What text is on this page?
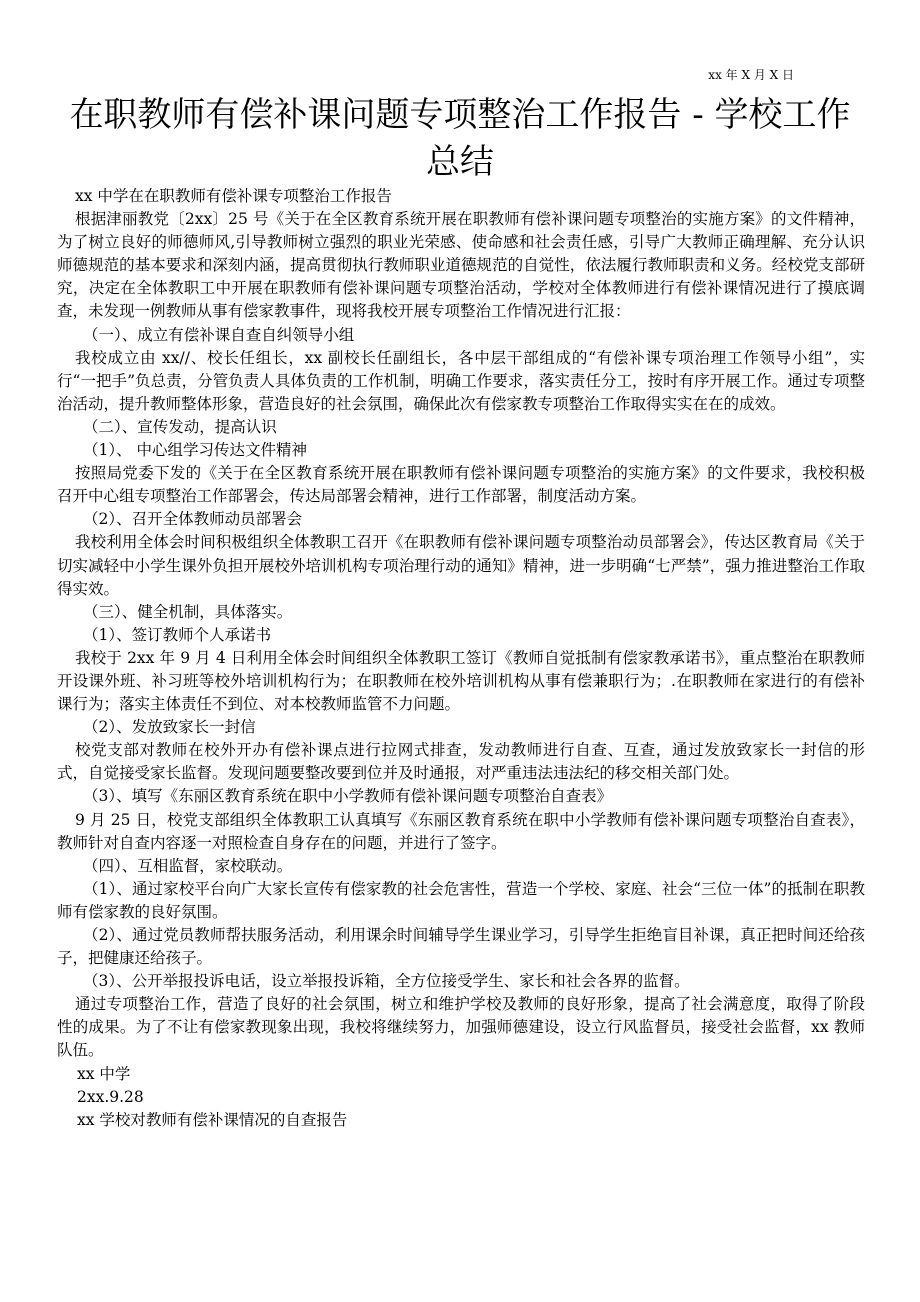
xx 年 X 月 X 日
在职教师有偿补课问题专项整治工作报告 - 学校工作总结

xx 中学在在职教师有偿补课专项整治工作报告

根据津丽教党〔2xx〕25 号《关于在全区教育系统开展在职教师有偿补课问题专项整治的实施方案》的文件精神，为了树立良好的师德师风,引导教师树立强烈的职业光荣感、使命感和社会责任感，引导广大教师正确理解、充分认识师德规范的基本要求和深刻内涵，提高贯彻执行教师职业道德规范的自觉性，依法履行教师职责和义务。经校党支部研究，决定在全体教职工中开展在职教师有偿补课问题专项整治活动，学校对全体教师进行有偿补课情况进行了摸底调查，未发现一例教师从事有偿家教事件，现将我校开展专项整治工作情况进行汇报：

（一）、成立有偿补课自查自纠领导小组

我校成立由 xx//、校长任组长，xx 副校长任副组长，各中层干部组成的“有偿补课专项治理工作领导小组”，实行“一把手”负总责，分管负责人具体负责的工作机制，明确工作要求，落实责任分工，按时有序开展工作。通过专项整治活动，提升教师整体形象，营造良好的社会氛围，确保此次有偿家教专项整治工作取得实实在在的成效。

（二）、宣传发动，提高认识

（1）、 中心组学习传达文件精神

按照局党委下发的《关于在全区教育系统开展在职教师有偿补课问题专项整治的实施方案》的文件要求，我校积极召开中心组专项整治工作部署会，传达局部署会精神，进行工作部署，制度活动方案。

（2）、召开全体教师动员部署会

我校利用全体会时间积极组织全体教职工召开《在职教师有偿补课问题专项整治动员部署会》，传达区教育局《关于切实减轻中小学生课外负担开展校外培训机构专项治理行动的通知》精神，进一步明确“七严禁”，强力推进整治工作取得实效。

（三）、健全机制，具体落实。

（1）、签订教师个人承诺书

我校于 2xx 年 9 月 4 日利用全体会时间组织全体教职工签订《教师自觉抵制有偿家教承诺书》，重点整治在职教师开设课外班、补习班等校外培训机构行为；在职教师在校外培训机构从事有偿兼职行为；.在职教师在家进行的有偿补课行为；落实主体责任不到位、对本校教师监管不力问题。

（2）、发放致家长一封信

校党支部对教师在校外开办有偿补课点进行拉网式排查，发动教师进行自查、互查，通过发放致家长一封信的形式，自觉接受家长监督。发现问题要整改要到位并及时通报，对严重违法违法纪的移交相关部门处。

（3）、填写《东丽区教育系统在职中小学教师有偿补课问题专项整治自查表》

9 月 25 日，校党支部组织全体教职工认真填写《东丽区教育系统在职中小学教师有偿补课问题专项整治自查表》，教师针对自查内容逐一对照检查自身存在的问题，并进行了签字。

（四）、互相监督，家校联动。

（1）、通过家校平台向广大家长宣传有偿家教的社会危害性，营造一个学校、家庭、社会“三位一体”的抵制在职教师有偿家教的良好氛围。

（2）、通过党员教师帮扶服务活动，利用课余时间辅导学生课业学习，引导学生拒绝盲目补课，真正把时间还给孩子，把健康还给孩子。

（3）、公开举报投诉电话，设立举报投诉箱，全方位接受学生、家长和社会各界的监督。

通过专项整治工作，营造了良好的社会氛围，树立和维护学校及教师的良好形象，提高了社会满意度，取得了阶段性的成果。为了不让有偿家教现象出现，我校将继续努力，加强师德建设，设立行风监督员，接受社会监督，xx 教师队伍。

xx 中学

2xx.9.28

xx 学校对教师有偿补课情况的自查报告
